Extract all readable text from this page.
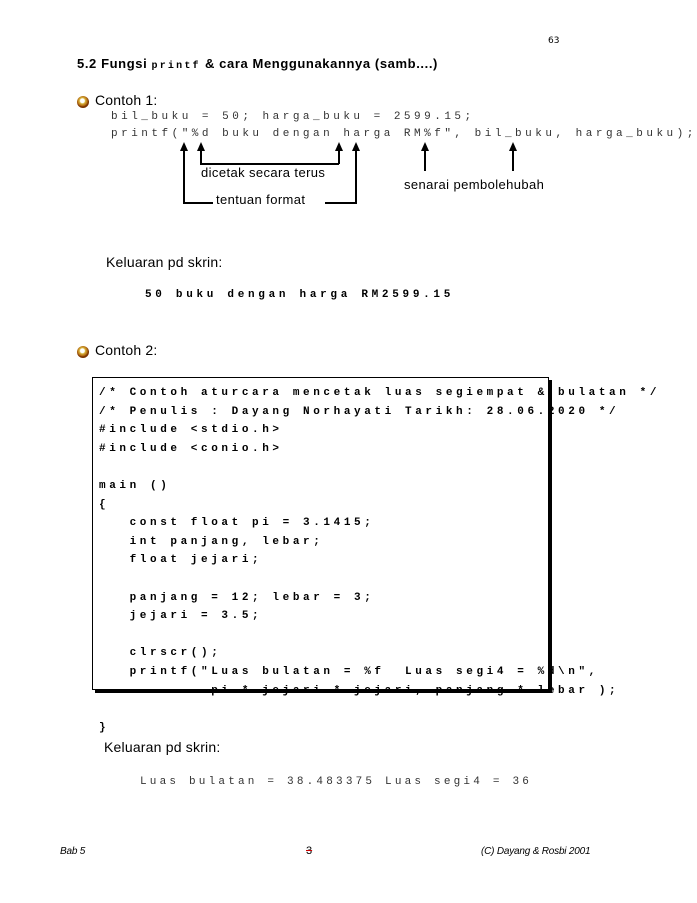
63
5.2 Fungsi printf & cara Menggunakannya (samb....)
Contoh 1:
bil_buku = 50; harga_buku = 2599.15;
printf("%d buku dengan harga RM%f", bil_buku, harga_buku);
dicetak secara terus
tentuan format
senarai pembolehubah
Keluaran pd skrin:
50 buku dengan harga RM2599.15
Contoh 2:
/* Contoh aturcara mencetak luas segiempat & bulatan */
/* Penulis : Dayang Norhayati Tarikh: 28.06.2020 */
#include <stdio.h>
#include <conio.h>
main ()
{
const float pi = 3.1415;
int panjang, lebar;
float jejari;
panjang = 12; lebar = 3;
jejari = 3.5;
clrscr();
printf("Luas bulatan = %f  Luas segi4 = %d\n",
pi * jejari * jejari, panjang * lebar );
}
Keluaran pd skrin:
Luas bulatan = 38.483375 Luas segi4 = 36
Bab 5	3	(C) Dayang & Rosbi 2001
